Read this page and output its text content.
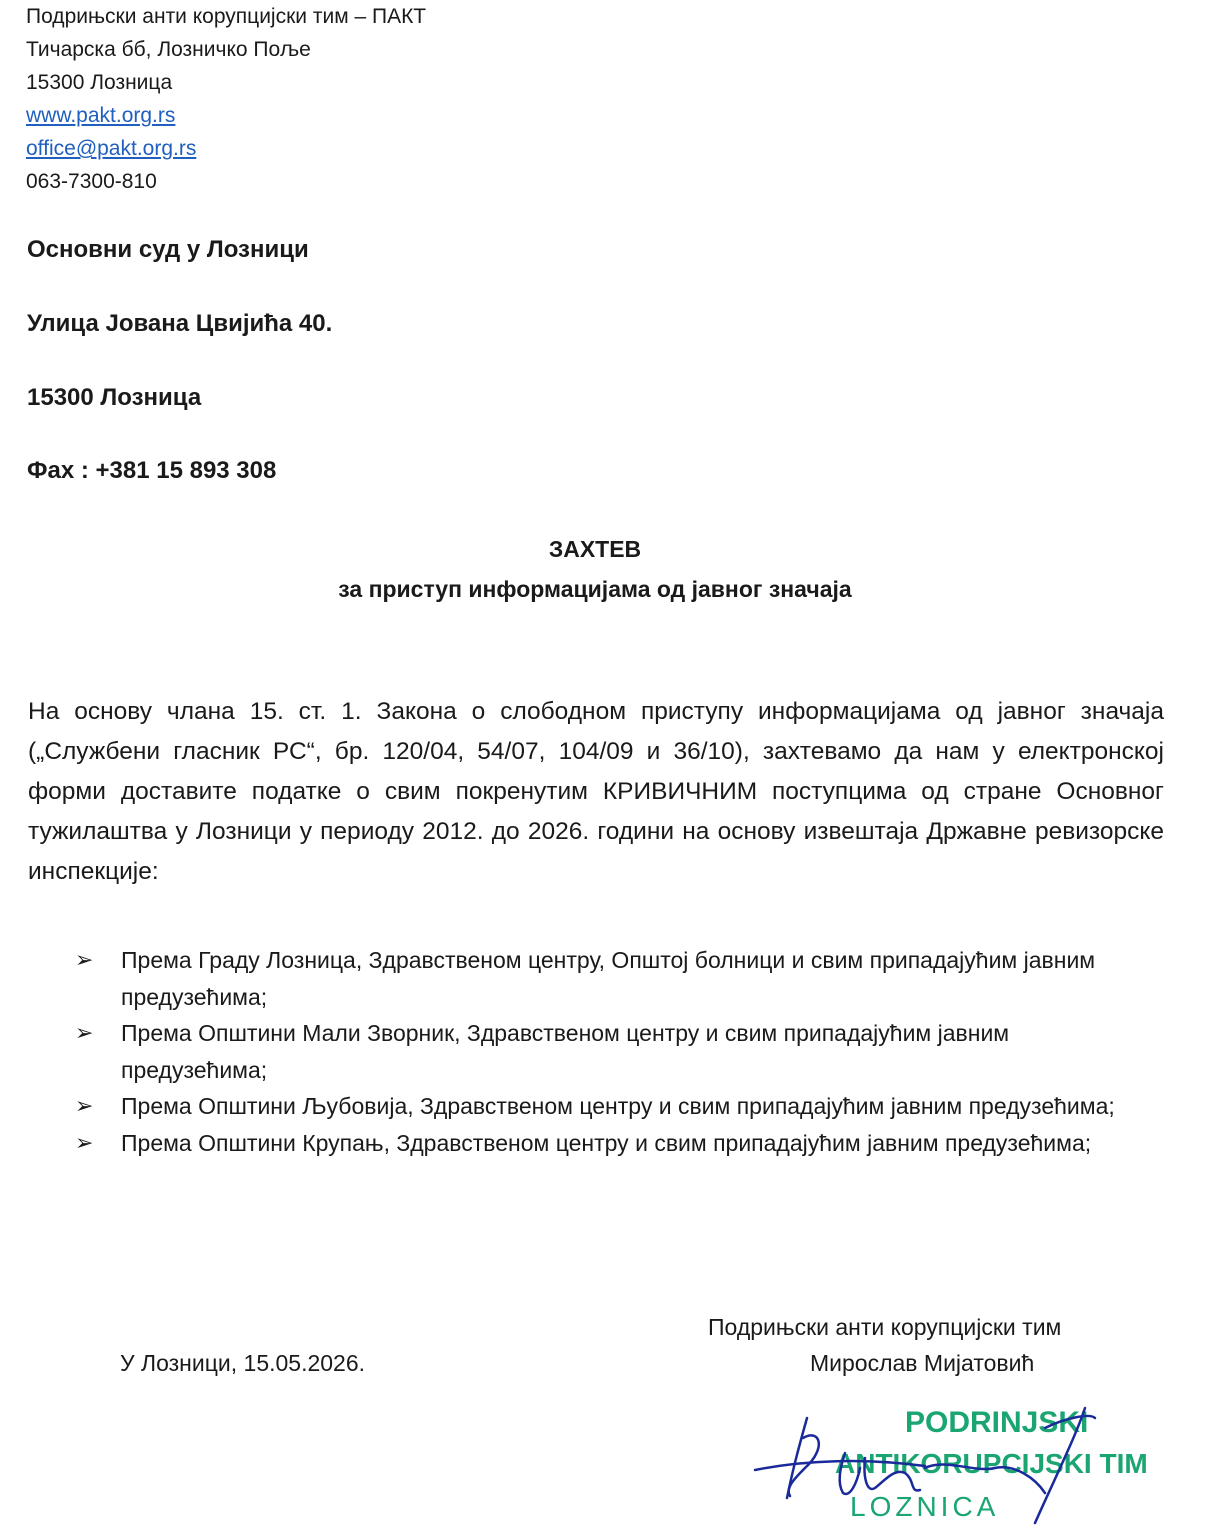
Подрињски анти корупцијски тим – ПАКТ
Тичарска бб, Лозничко Поље
15300 Лозница
www.pakt.org.rs
office@pakt.org.rs
063-7300-810
Основни суд у Лозници
Улица Јована Цвијића 40.
15300 Лозница
Фах : +381 15 893 308
ЗАХТЕВ
за приступ информацијама од јавног значаја
На основу члана 15. ст. 1. Закона о слободном приступу информацијама од јавног значаја („Службени гласник РС“, бр. 120/04, 54/07, 104/09 и 36/10), захтевамо да нам у електронској форми доставите податке о свим покренутим КРИВИЧНИМ поступцима од стране Основног тужилаштва у Лозници у периоду 2012. до 2026. години на основу извештаја Државне ревизорске инспекције:
➢ Према Граду Лозница, Здравственом центру, Општој болници и свим припадајућим јавним предузећима;
➢ Према Општини Мали Зворник, Здравственом центру и свим припадајућим јавним предузећима;
➢ Према Општини Љубовија, Здравственом центру и свим припадајућим јавним предузећима;
➢ Према Општини Крупањ, Здравственом центру и свим припадајућим јавним предузећима;
Подрињски анти корупцијски тим
Мирослав Мијатовић
У Лозници, 15.05.2026.
PODRINJSKI
ANTIKORUPCIJSKI TIM
LOZNICA
